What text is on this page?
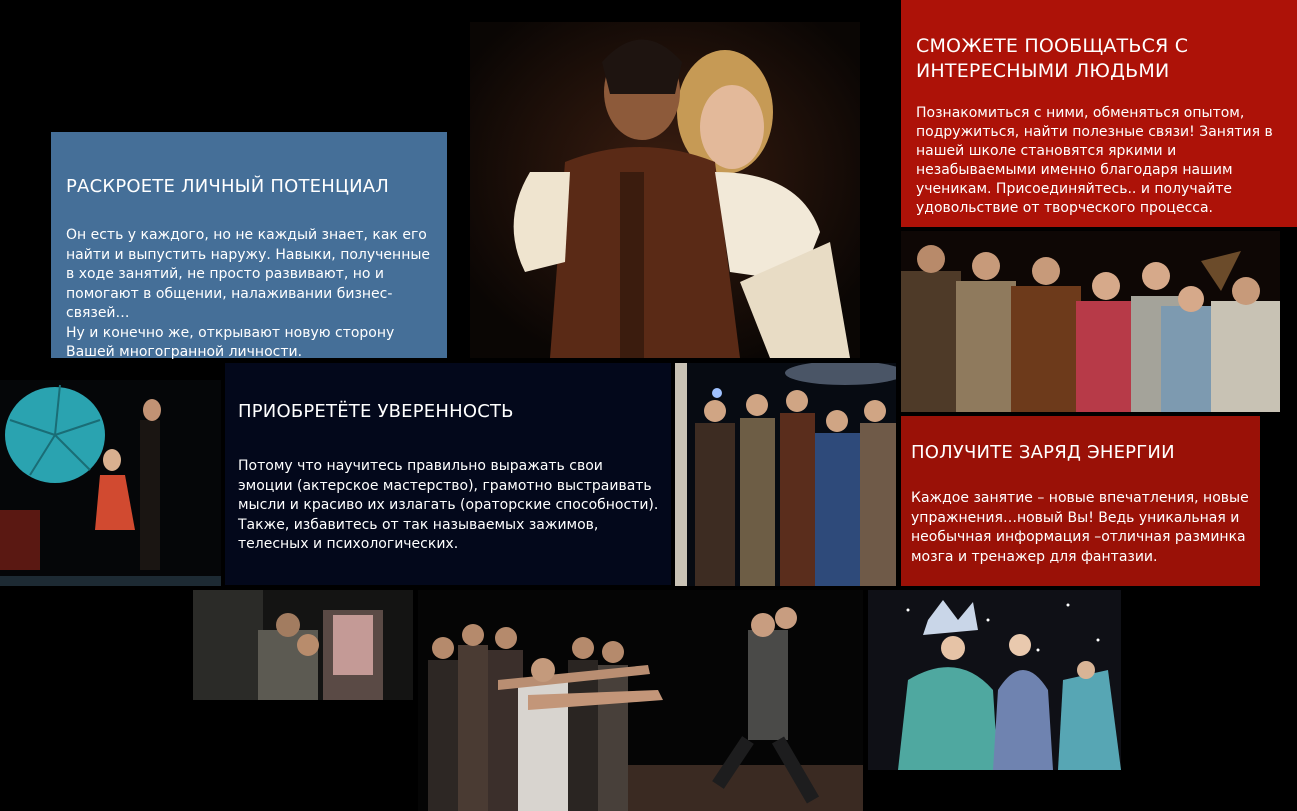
РАСКРОЕТЕ ЛИЧНЫЙ ПОТЕНЦИАЛ

Он есть у каждого, но не каждый знает, как его найти и выпустить наружу. Навыки, полученные в ходе занятий, не просто развивают, но и помогают в общении, налаживании бизнес-связей…
Ну и конечно же, открывают новую сторону Вашей многогранной личности.

ПРИОБРЕТЁТЕ УВЕРЕННОСТЬ

Потому что научитесь правильно выражать свои эмоции (актерское мастерство), грамотно выстраивать мысли и красиво их излагать (ораторские способности). Также, избавитесь от так называемых зажимов, телесных и психологических.

СМОЖЕТЕ ПООБЩАТЬСЯ С ИНТЕРЕСНЫМИ ЛЮДЬМИ

Познакомиться с ними, обменяться опытом, подружиться, найти полезные связи! Занятия в нашей школе становятся яркими и незабываемыми именно благодаря нашим ученикам. Присоединяйтесь.. и получайте удовольствие от творческого процесса.

ПОЛУЧИТЕ ЗАРЯД ЭНЕРГИИ

Каждое занятие – новые впечатления, новые упражнения…новый Вы! Ведь уникальная и необычная информация –отличная разминка мозга и тренажер для фантазии.
